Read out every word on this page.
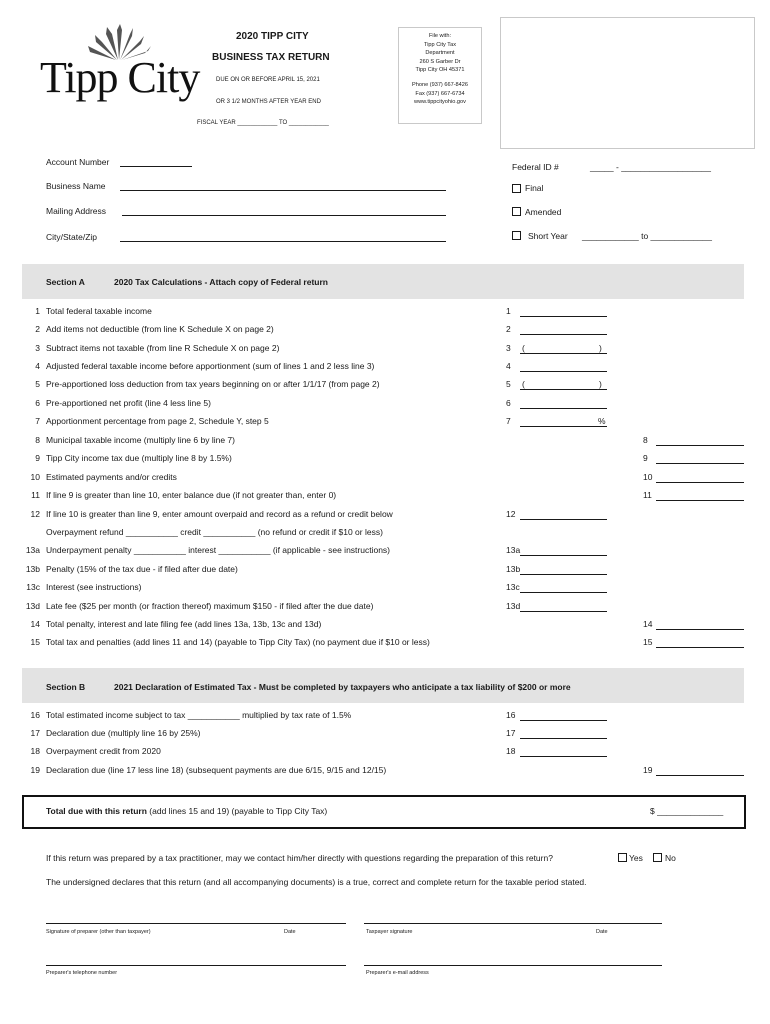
Tipp City
2020 TIPP CITY
BUSINESS TAX RETURN
DUE ON OR BEFORE APRIL 15, 2021
OR 3 1/2 MONTHS AFTER YEAR END
FISCAL YEAR ____________ TO ____________
File with:
Tipp City Tax
Department
260 S Garber Dr
Tipp City OH 45371
Phone (937) 667-8426
Fax (937) 667-6734
www.tippcityohio.gov
Account Number
Business Name
Mailing Address
City/State/Zip
Federal ID #	_____ - ___________________
Final
Amended
Short Year ____________ to _____________
Section A	2020 Tax Calculations - Attach copy of Federal return
1 Total federal taxable income	1
2 Add items not deductible (from line K Schedule X on page 2)	2
3 Subtract items not taxable (from line R Schedule X on page 2)	3 (	)
4 Adjusted federal taxable income before apportionment (sum of lines 1 and 2 less line 3)	4
5 Pre-apportioned loss deduction from tax years beginning on or after 1/1/17 (from page 2)	5 (	)
6 Pre-apportioned net profit (line 4 less line 5)	6
7 Apportionment percentage from page 2, Schedule Y, step 5	7	%
8 Municipal taxable income (multiply line 6 by line 7)	8
9 Tipp City income tax due (multiply line 8 by 1.5%)	9
10 Estimated payments and/or credits	10
11 If line 9 is greater than line 10, enter balance due (if not greater than, enter 0)	11
12 If line 10 is greater than line 9, enter amount overpaid and record as a refund or credit below	12
Overpayment refund ___________ credit ___________ (no refund or credit if $10 or less)
13a Underpayment penalty ___________ interest ___________ (if applicable - see instructions)	13a
13b Penalty (15% of the tax due - if filed after due date)	13b
13c Interest (see instructions)	13c
13d Late fee ($25 per month (or fraction thereof) maximum $150 - if filed after the due date)	13d
14 Total penalty, interest and late filing fee (add lines 13a, 13b, 13c and 13d)	14
15 Total tax and penalties (add lines 11 and 14) (payable to Tipp City Tax) (no payment due if $10 or less)	15
Section B	2021 Declaration of Estimated Tax - Must be completed by taxpayers who anticipate a tax liability of $200 or more
16 Total estimated income subject to tax ___________ multiplied by tax rate of 1.5%	16
17 Declaration due (multiply line 16 by 25%)	17
18 Overpayment credit from 2020	18
19 Declaration due (line 17 less line 18) (subsequent payments are due 6/15, 9/15 and 12/15)	19
Total due with this return (add lines 15 and 19) (payable to Tipp City Tax)	$ ______________
If this return was prepared by a tax practitioner, may we contact him/her directly with questions regarding the preparation of this return?	Yes	No
The undersigned declares that this return (and all accompanying documents) is a true, correct and complete return for the taxable period stated.
Signature of preparer (other than taxpayer)	Date	Taxpayer signature	Date
Preparer's telephone number	Preparer's e-mail address
